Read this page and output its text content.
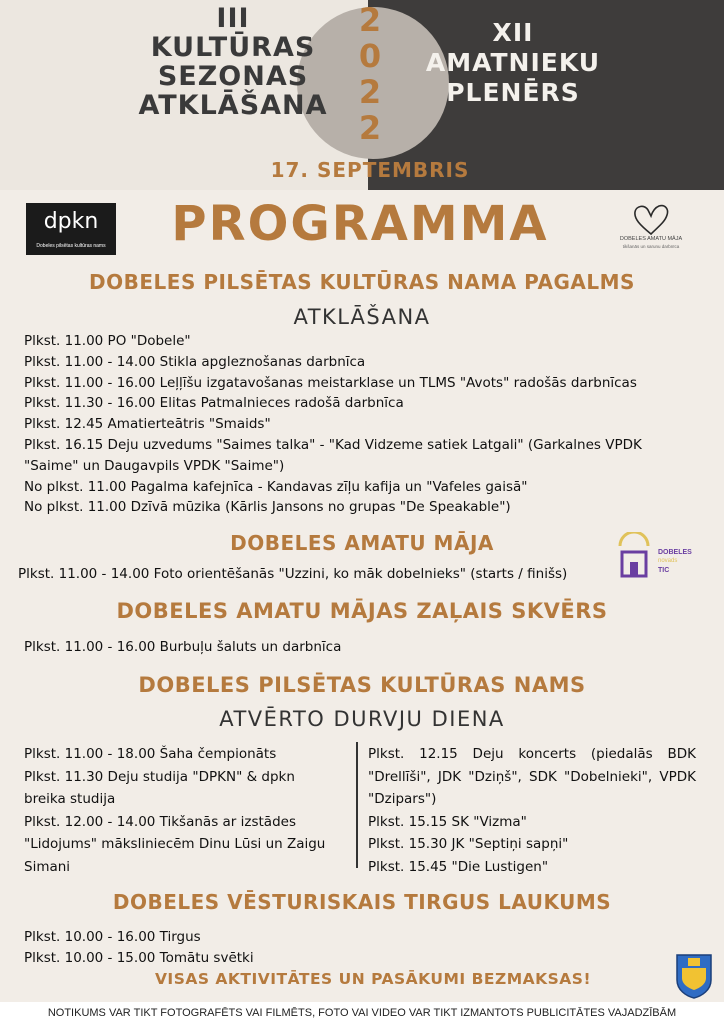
III
KULTŪRAS
SEZONAS
ATKLĀŠANA
XII
AMATNIEKU
PLENĒRS
2
0
2
2
17. SEPTEMBRIS
dpkn
Dobeles pilsētas kultūras nams	PROGRAMMA	DOBELES AMATU MĀJA
tikšanās un sarunu darbnīca
DOBELES PILSĒTAS KULTŪRAS NAMA PAGALMS
ATKLĀŠANA
Plkst. 11.00 PO "Dobele"
Plkst. 11.00 - 14.00 Stikla apgleznošanas darbnīca
Plkst. 11.00 - 16.00 Leļļīšu izgatavošanas meistarklase un TLMS "Avots" radošās darbnīcas
Plkst. 11.30 - 16.00 Elitas Patmalnieces radošā darbnīca
Plkst. 12.45 Amatierteātris "Smaids"
Plkst. 16.15 Deju uzvedums "Saimes talka" - "Kad Vidzeme satiek Latgali" (Garkalnes VPDK
"Saime" un Daugavpils VPDK "Saime")
No plkst. 11.00 Pagalma kafejnīca - Kandavas zīļu kafija un "Vafeles gaisā"
No plkst. 11.00 Dzīvā mūzika (Kārlis Jansons no grupas "De Speakable")
DOBELES AMATU MĀJA
Plkst. 11.00 - 14.00 Foto orientēšanās "Uzzini, ko māk dobelnieks" (starts / finišs)
DOBELES
novads
TIC
DOBELES AMATU MĀJAS ZAĻAIS SKVĒRS
Plkst. 11.00 - 16.00 Burbuļu šaluts un darbnīca
DOBELES PILSĒTAS KULTŪRAS NAMS
ATVĒRTO DURVJU DIENA
Plkst. 11.00 - 18.00 Šaha čempionāts
Plkst. 11.30 Deju studija "DPKN" & dpkn breika studija
Plkst. 12.00 - 14.00 Tikšanās ar izstādes "Lidojums" māksliniecēm Dinu Lūsi un Zaigu Simani
Plkst. 12.15 Deju koncerts (piedalās BDK "Drellīši", JDK "Dziņš", SDK "Dobelnieki", VPDK "Dzipars")
Plkst. 15.15 SK "Vizma"
Plkst. 15.30 JK "Septiņi sapņi"
Plkst. 15.45 "Die Lustigen"
DOBELES VĒSTURISKAIS TIRGUS LAUKUMS
Plkst. 10.00 - 16.00 Tirgus
Plkst. 10.00 - 15.00 Tomātu svētki
VISAS AKTIVITĀTES UN PASĀKUMI BEZMAKSAS!
NOTIKUMS VAR TIKT FOTOGRAFĒTS VAI FILMĒTS, FOTO VAI VIDEO VAR TIKT IZMANTOTS PUBLICITĀTES VAJADZĪBĀM
